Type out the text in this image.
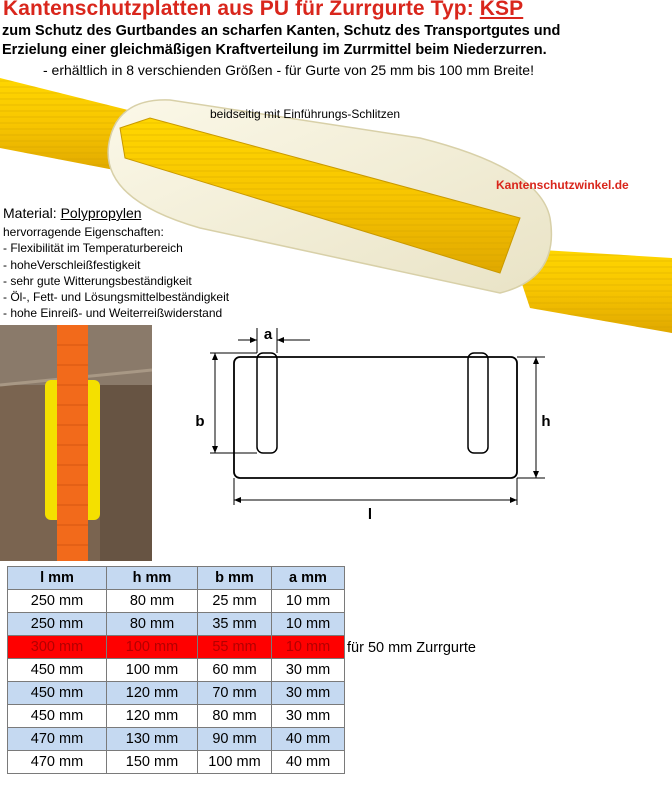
Kantenschutzplatten aus PU für Zurrgurte Typ: KSP
zum Schutz des Gurtbandes an scharfen Kanten, Schutz des Transportgutes und
Erzielung einer gleichmäßigen Kraftverteilung im Zurrmittel beim Niederzurren.
- erhältlich in 8 verschienden Größen - für Gurte von 25 mm bis 100 mm Breite!
beidseitig mit Einführungs-Schlitzen
Kantenschutzwinkel.de
Material: Polypropylen
hervorragende Eigenschaften:
- Flexibilität im Temperaturbereich
- hoheVerschleißfestigkeit
- sehr gute Witterungsbeständigkeit
- Öl-, Fett- und Lösungsmittelbeständigkeit
- hohe Einreiß- und Weiterreißwiderstand
a
b	h
l
l mm	h mm	b mm	a mm
250 mm	80 mm	25 mm	10 mm
250 mm	80 mm	35 mm	10 mm
300 mm	100 mm	55 mm	10 mm
450 mm	100 mm	60 mm	30 mm
450 mm	120 mm	70 mm	30 mm
450 mm	120 mm	80 mm	30 mm
470 mm	130 mm	90 mm	40 mm
470 mm	150 mm	100 mm	40 mm
für 50 mm Zurrgurte
